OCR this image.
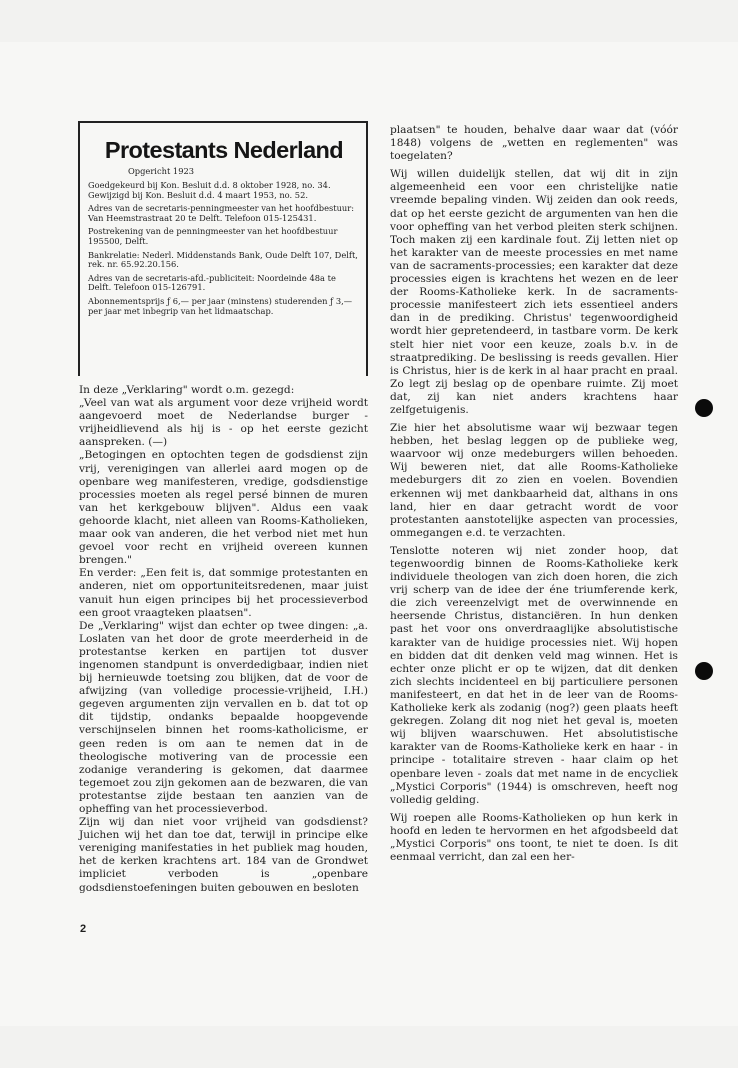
Protestants Nederland
Opgericht 1923

Goedgekeurd bij Kon. Besluit d.d. 8 oktober 1928, no. 34. Gewijzigd bij Kon. Besluit d.d. 4 maart 1953, no. 52.

Adres van de secretaris-penningmeester van het hoofdbestuur: Van Heemstrastraat 20 te Delft. Telefoon 015-125431.

Postrekening van de penningmeester van het hoofdbestuur 195500, Delft.

Bankrelatie: Nederl. Middenstands Bank, Oude Delft 107, Delft, rek. nr. 65.92.20.156.

Adres van de secretaris-afd.-publiciteit: Noordeinde 48a te Delft. Telefoon 015-126791.

Abonnementsprijs ƒ 6,— per jaar (minstens) studerenden ƒ 3,— per jaar met inbegrip van het lidmaatschap.

In deze „Verklaring" wordt o.m. gezegd:

„Veel van wat als argument voor deze vrijheid wordt aangevoerd moet de Nederlandse burger - vrijheidlievend als hij is - op het eerste gezicht aanspreken. (—)

„Betogingen en optochten tegen de godsdienst zijn vrij, verenigingen van allerlei aard mogen op de openbare weg manifesteren, vredige, godsdienstige processies moeten als regel persé binnen de muren van het kerkgebouw blijven". Aldus een vaak gehoorde klacht, niet alleen van Rooms-Katholieken, maar ook van anderen, die het verbod niet met hun gevoel voor recht en vrijheid overeen kunnen brengen."

En verder: „Een feit is, dat sommige protestanten en anderen, niet om opportuniteitsredenen, maar juist vanuit hun eigen principes bij het processieverbod een groot vraagteken plaatsen".

De „Verklaring" wijst dan echter op twee dingen: „a. Loslaten van het door de grote meerderheid in de protestantse kerken en partijen tot dusver ingenomen standpunt is onverdedigbaar, indien niet bij hernieuwde toetsing zou blijken, dat de voor de afwijzing (van volledige processie-vrijheid, I.H.) gegeven argumenten zijn vervallen en b. dat tot op dit tijdstip, ondanks bepaalde hoopgevende verschijnselen binnen het rooms-katholicisme, er geen reden is om aan te nemen dat in de theologische motivering van de processie een zodanige verandering is gekomen, dat daarmee tegemoet zou zijn gekomen aan de bezwaren, die van protestantse zijde bestaan ten aanzien van de opheffing van het processieverbod.

Zijn wij dan niet voor vrijheid van godsdienst? Juichen wij het dan toe dat, terwijl in principe elke vereniging manifestaties in het publiek mag houden, het de kerken krachtens art. 184 van de Grondwet impliciet verboden is „openbare godsdienstoefeningen buiten gebouwen en besloten

plaatsen" te houden, behalve daar waar dat (vóór 1848) volgens de „wetten en reglementen" was toegelaten?

Wij willen duidelijk stellen, dat wij dit in zijn algemeenheid een voor een christelijke natie vreemde bepaling vinden. Wij zeiden dan ook reeds, dat op het eerste gezicht de argumenten van hen die voor opheffing van het verbod pleiten sterk schijnen. Toch maken zij een kardinale fout. Zij letten niet op het karakter van de meeste processies en met name van de sacraments-processies; een karakter dat deze processies eigen is krachtens het wezen en de leer der Rooms-Katholieke kerk. In de sacraments-processie manifesteert zich iets essentieel anders dan in de prediking. Christus' tegenwoordigheid wordt hier gepretendeerd, in tastbare vorm. De kerk stelt hier niet voor een keuze, zoals b.v. in de straatprediking. De beslissing is reeds gevallen. Hier is Christus, hier is de kerk in al haar pracht en praal. Zo legt zij beslag op de openbare ruimte. Zij moet dat, zij kan niet anders krachtens haar zelfgetuigenis.

Zie hier het absolutisme waar wij bezwaar tegen hebben, het beslag leggen op de publieke weg, waarvoor wij onze medeburgers willen behoeden. Wij beweren niet, dat alle Rooms-Katholieke medeburgers dit zo zien en voelen. Bovendien erkennen wij met dankbaarheid dat, althans in ons land, hier en daar getracht wordt de voor protestanten aanstotelijke aspecten van processies, ommegangen e.d. te verzachten.

Tenslotte noteren wij niet zonder hoop, dat tegenwoordig binnen de Rooms-Katholieke kerk individuele theologen van zich doen horen, die zich vrij scherp van de idee der éne triumferende kerk, die zich vereenzelvigt met de overwinnende en heersende Christus, distanciëren. In hun denken past het voor ons onverdraaglijke absolutistische karakter van de huidige processies niet. Wij hopen en bidden dat dit denken veld mag winnen. Het is echter onze plicht er op te wijzen, dat dit denken zich slechts incidenteel en bij particuliere personen manifesteert, en dat het in de leer van de Rooms-Katholieke kerk als zodanig (nog?) geen plaats heeft gekregen. Zolang dit nog niet het geval is, moeten wij blijven waarschuwen. Het absolutistische karakter van de Rooms-Katholieke kerk en haar - in principe - totalitaire streven - haar claim op het openbare leven - zoals dat met name in de encycliek „Mystici Corporis" (1944) is omschreven, heeft nog volledig gelding.

Wij roepen alle Rooms-Katholieken op hun kerk in hoofd en leden te hervormen en het afgodsbeeld dat „Mystici Corporis" ons toont, te niet te doen. Is dit eenmaal verricht, dan zal een her-

2
